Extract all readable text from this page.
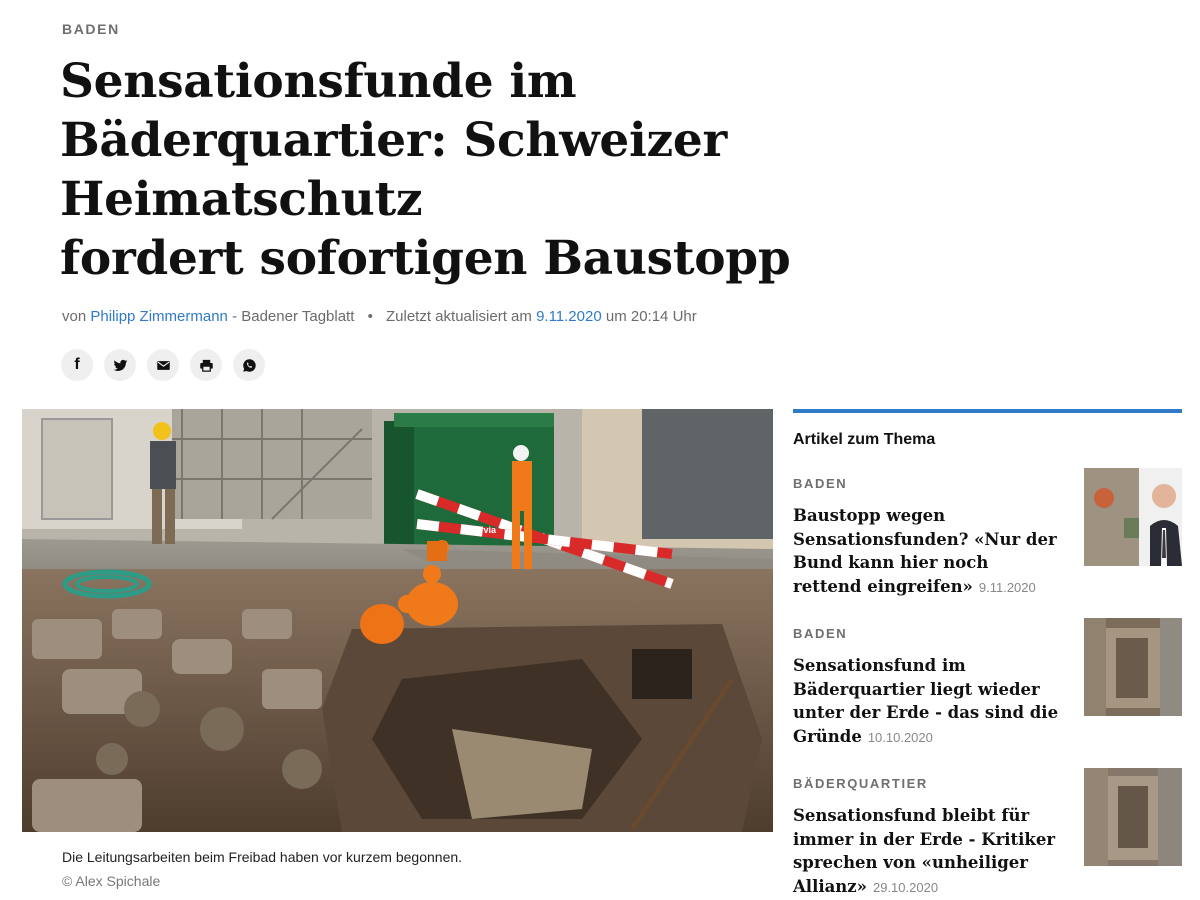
BADEN
Sensationsfunde im
Bäderquartier: Schweizer
Heimatschutz
fordert sofortigen Baustopp
von Philipp Zimmermann - Badener Tagblatt • Zuletzt aktualisiert am 9.11.2020 um 20:14 Uhr
f
aarvia
Die Leitungsarbeiten beim Freibad haben vor kurzem begonnen.
© Alex Spichale
Artikel zum Thema
BADEN
Baustopp wegen Sensationsfunden? «Nur der Bund kann hier noch rettend eingreifen» 9.11.2020
BADEN
Sensationsfund im Bäderquartier liegt wieder unter der Erde - das sind die Gründe 10.10.2020
BÄDERQUARTIER
Sensationsfund bleibt für immer in der Erde - Kritiker sprechen von «unheiliger Allianz» 29.10.2020
